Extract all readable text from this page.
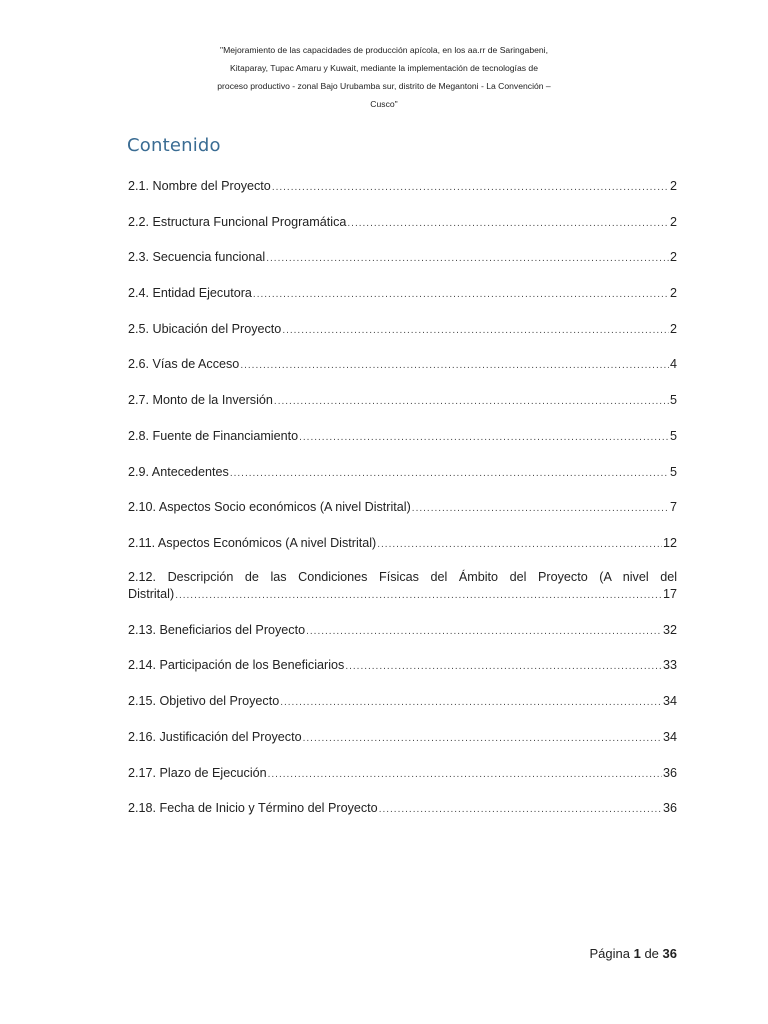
"Mejoramiento de las capacidades de producción apícola, en los aa.rr de Saringabeni,
Kitaparay, Tupac Amaru y Kuwait, mediante la implementación de tecnologías de
proceso productivo - zonal Bajo Urubamba sur, distrito de Megantoni - La Convención –
Cusco"
Contenido
2.1. Nombre del Proyecto .....	2
2.2. Estructura Funcional Programática .....	2
2.3. Secuencia funcional .....	2
2.4. Entidad Ejecutora .....	2
2.5. Ubicación del Proyecto .....	2
2.6. Vías de Acceso .....	4
2.7. Monto de la Inversión .....	5
2.8. Fuente de Financiamiento .....	5
2.9. Antecedentes .....	5
2.10. Aspectos Socio económicos (A nivel Distrital) .....	7
2.11. Aspectos Económicos (A nivel Distrital) .....	12
2.12. Descripción de las Condiciones Físicas del Ámbito del Proyecto (A nivel del
Distrital) .....	17
2.13. Beneficiarios del Proyecto .....	32
2.14. Participación de los Beneficiarios .....	33
2.15. Objetivo del Proyecto .....	34
2.16. Justificación del Proyecto .....	34
2.17. Plazo de Ejecución .....	36
2.18. Fecha de Inicio y Término del Proyecto .....	36
Página 1 de 36
